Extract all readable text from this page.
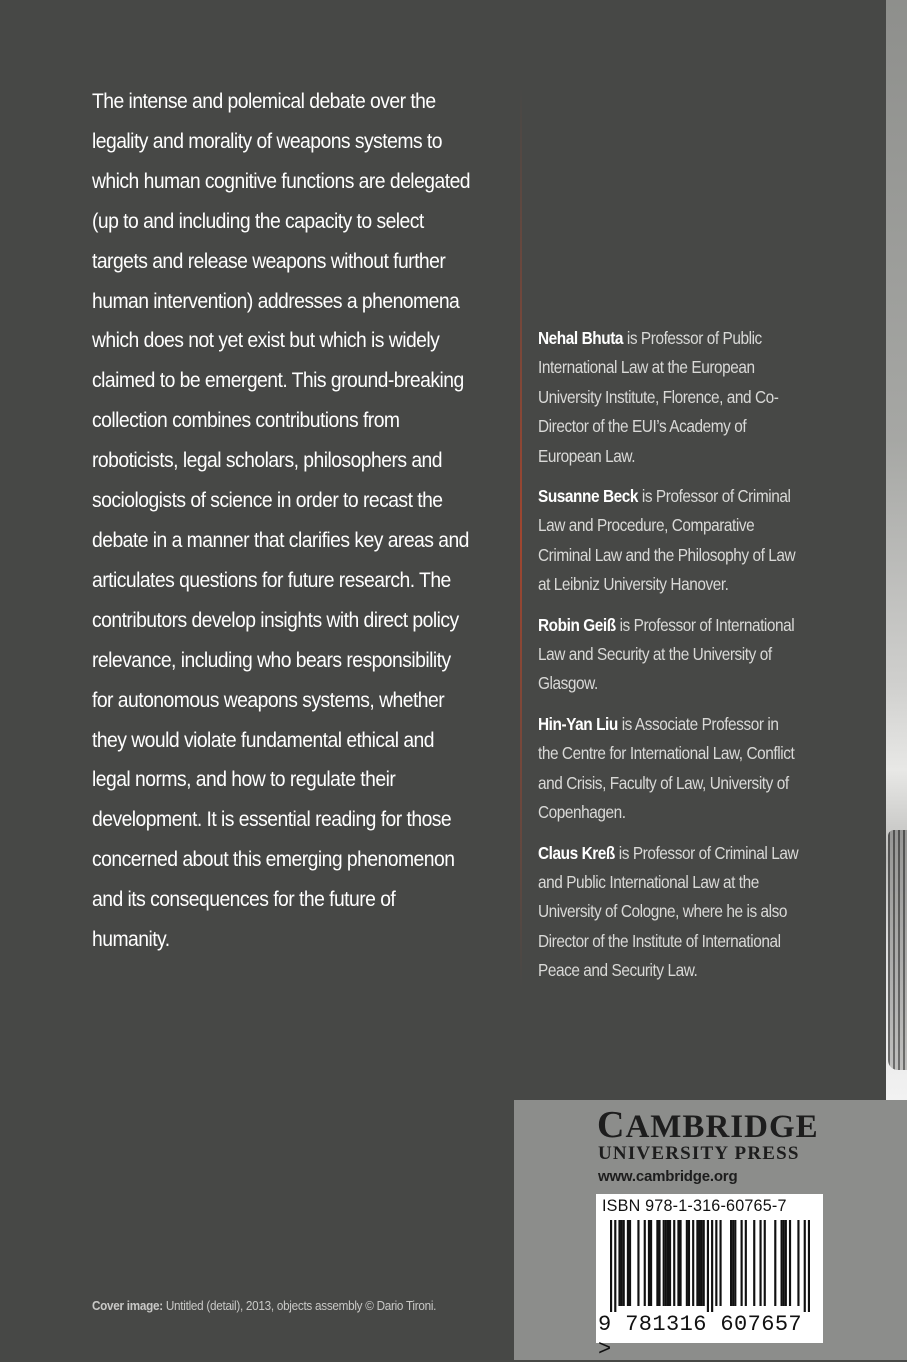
The intense and polemical debate over the legality and morality of weapons systems to which human cognitive functions are delegated (up to and including the capacity to select targets and release weapons without further human intervention) addresses a phenomena which does not yet exist but which is widely claimed to be emergent. This ground-breaking collection combines contributions from roboticists, legal scholars, philosophers and sociologists of science in order to recast the debate in a manner that clarifies key areas and articulates questions for future research. The contributors develop insights with direct policy relevance, including who bears responsibility for autonomous weapons systems, whether they would violate fundamental ethical and legal norms, and how to regulate their development. It is essential reading for those concerned about this emerging phenomenon and its consequences for the future of humanity.

Nehal Bhuta is Professor of Public International Law at the European University Institute, Florence, and Co-Director of the EUI’s Academy of European Law.

Susanne Beck is Professor of Criminal Law and Procedure, Comparative Criminal Law and the Philosophy of Law at Leibniz University Hanover.

Robin Geiß is Professor of International Law and Security at the University of Glasgow.

Hin-Yan Liu is Associate Professor in the Centre for International Law, Conflict and Crisis, Faculty of Law, University of Copenhagen.

Claus Kreß is Professor of Criminal Law and Public International Law at the University of Cologne, where he is also Director of the Institute of International Peace and Security Law.

Cover image: Untitled (detail), 2013, objects assembly © Dario Tironi.
CAMBRIDGE
UNIVERSITY PRESS
www.cambridge.org
ISBN 978-1-316-60765-7
9 781316 607657 >
